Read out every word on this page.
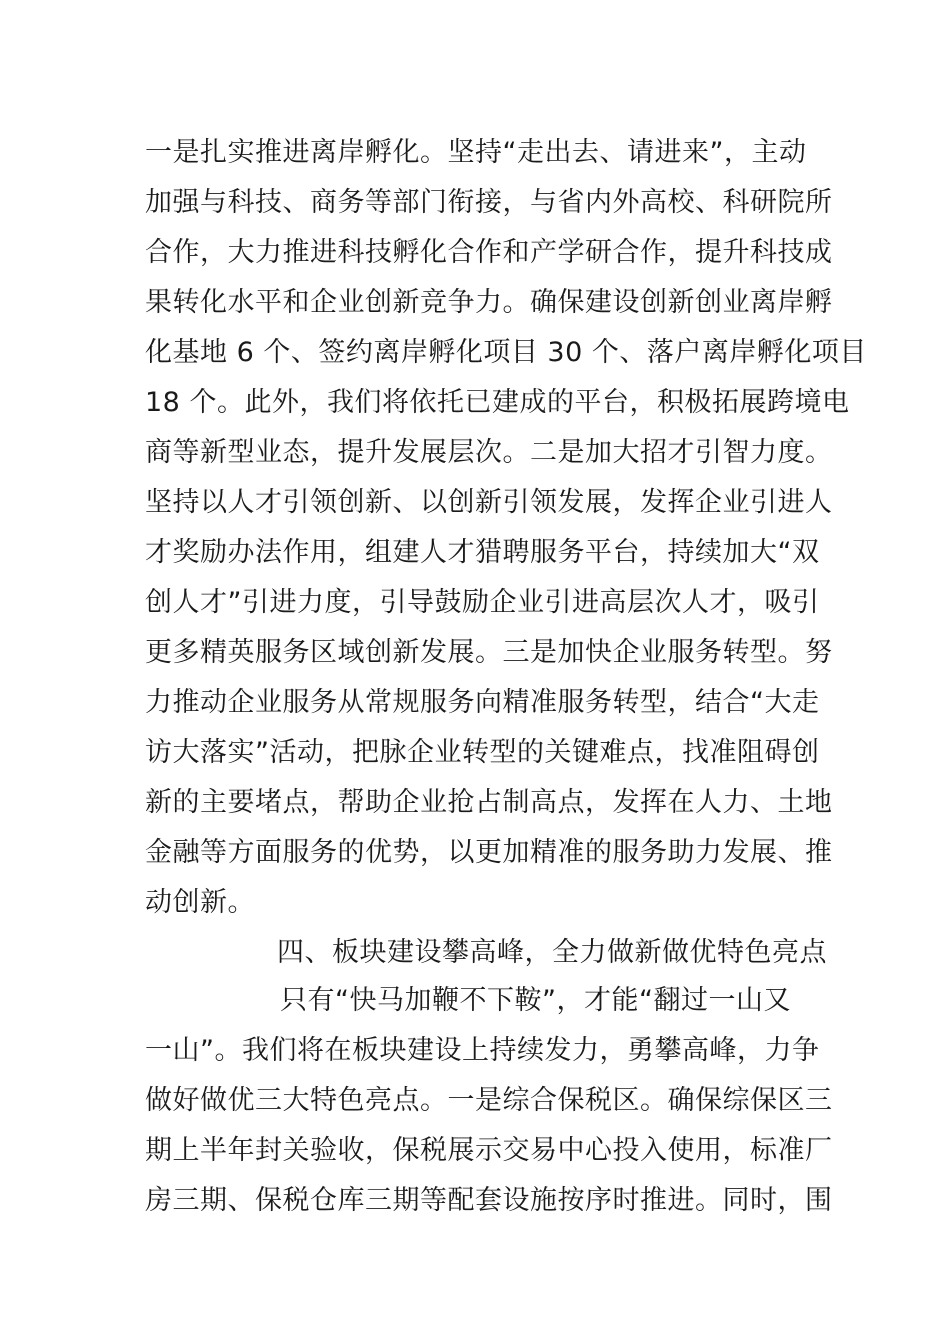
一是扎实推进离岸孵化。坚持“走出去、请进来”，主动
加强与科技、商务等部门衔接，与省内外高校、科研院所
合作，大力推进科技孵化合作和产学研合作，提升科技成
果转化水平和企业创新竞争力。确保建设创新创业离岸孵
化基地 6 个、签约离岸孵化项目 30 个、落户离岸孵化项目
18 个。此外，我们将依托已建成的平台，积极拓展跨境电
商等新型业态，提升发展层次。二是加大招才引智力度。
坚持以人才引领创新、以创新引领发展，发挥企业引进人
才奖励办法作用，组建人才猎聘服务平台，持续加大“双
创人才”引进力度，引导鼓励企业引进高层次人才，吸引
更多精英服务区域创新发展。三是加快企业服务转型。努
力推动企业服务从常规服务向精准服务转型，结合“大走
访大落实”活动，把脉企业转型的关键难点，找准阻碍创
新的主要堵点，帮助企业抢占制高点，发挥在人力、土地
金融等方面服务的优势，以更加精准的服务助力发展、推
动创新。
四、板块建设攀高峰，全力做新做优特色亮点
只有“快马加鞭不下鞍”，才能“翻过一山又
一山”。我们将在板块建设上持续发力，勇攀高峰，力争
做好做优三大特色亮点。一是综合保税区。确保综保区三
期上半年封关验收，保税展示交易中心投入使用，标准厂
房三期、保税仓库三期等配套设施按序时推进。同时，围
